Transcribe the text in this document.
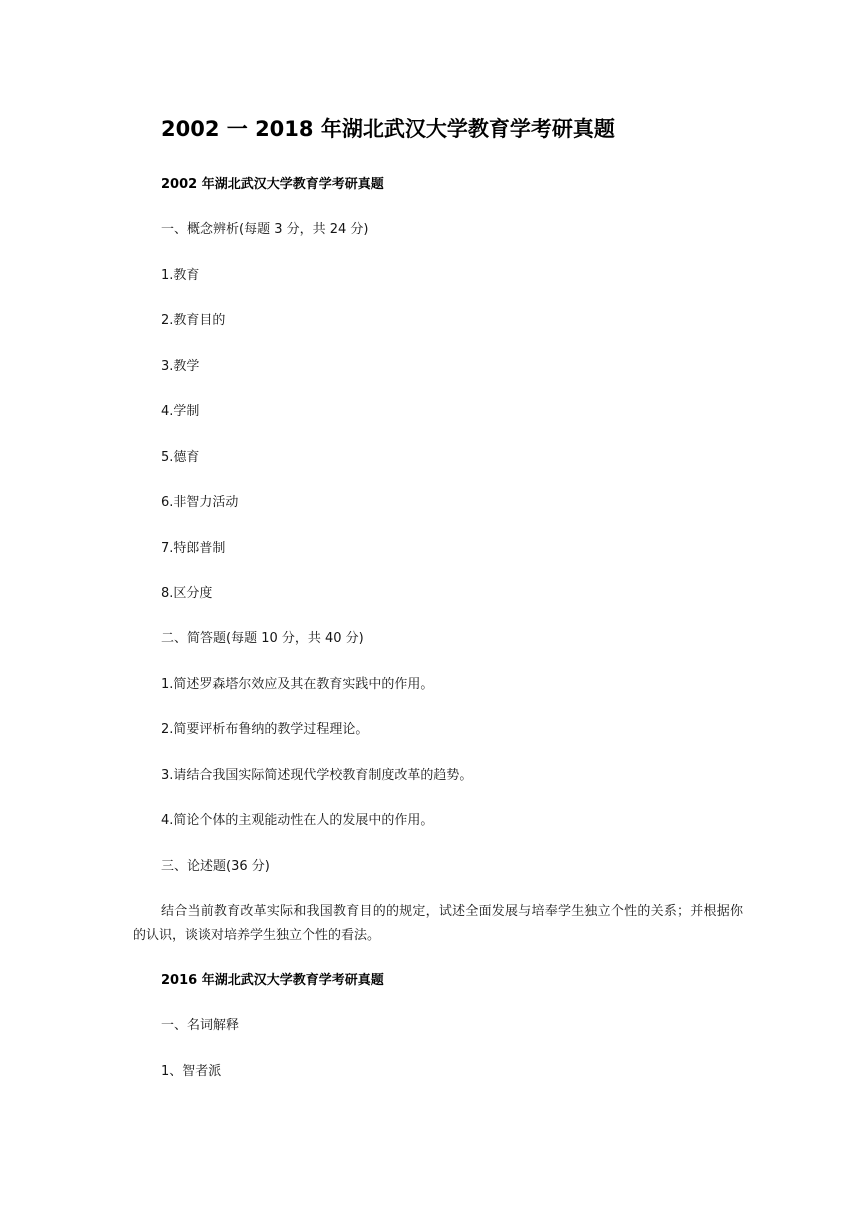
2002 一 2018 年湖北武汉大学教育学考研真题
2002 年湖北武汉大学教育学考研真题

一、概念辨析(每题 3 分，共 24 分)

1.教育

2.教育目的

3.教学

4.学制

5.德育

6.非智力活动

7.特郎普制

8.区分度

二、简答题(每题 10 分，共 40 分)

1.简述罗森塔尔效应及其在教育实践中的作用。

2.简要评析布鲁纳的教学过程理论。

3.请结合我国实际简述现代学校教育制度改革的趋势。

4.简论个体的主观能动性在人的发展中的作用。

三、论述题(36 分)

结合当前教育改革实际和我国教育目的的规定，试述全面发展与培奉学生独立个性的关系；并根据你的认识，谈谈对培养学生独立个性的看法。

2016 年湖北武汉大学教育学考研真题

一、名词解释

1、智者派
